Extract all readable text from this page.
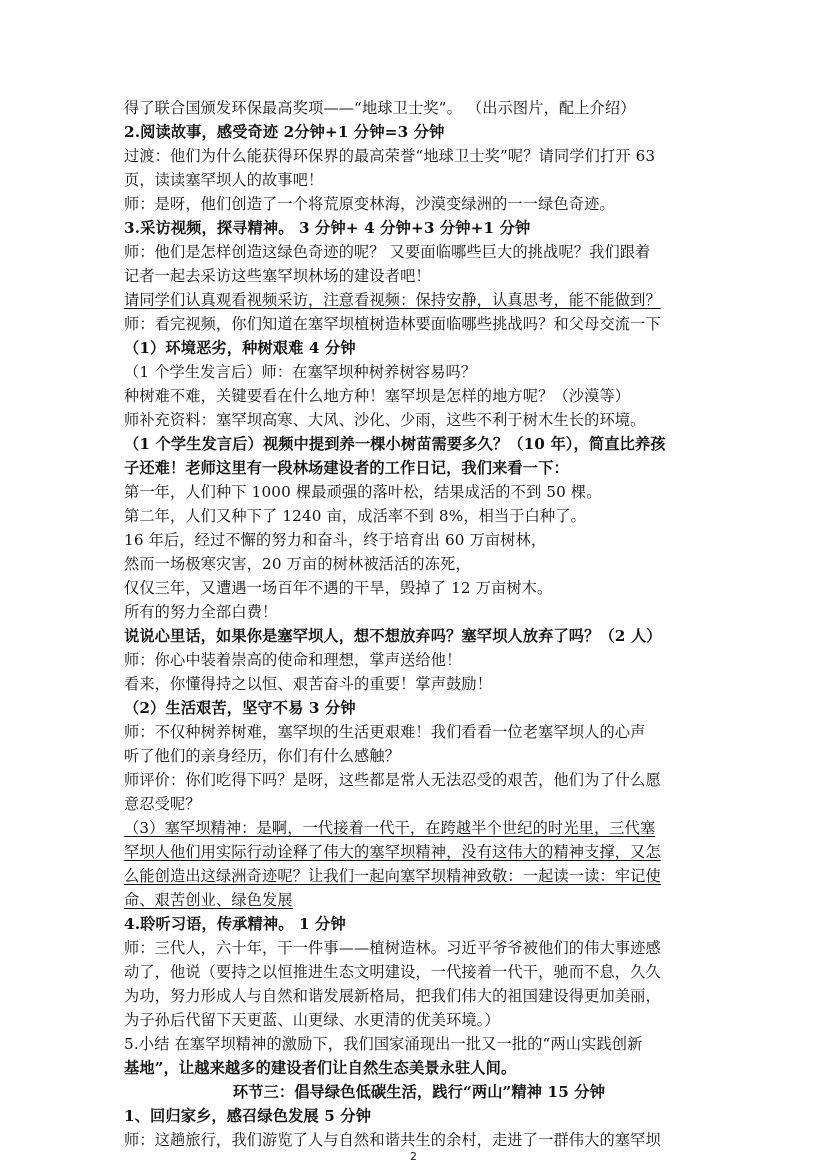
得了联合国颁发环保最高奖项——“地球卫士奖”。 （出示图片，配上介绍）
2.阅读故事，感受奇迹 2分钟+1 分钟=3 分钟
过渡：他们为什么能获得环保界的最高荣誉“地球卫士奖”呢？请同学们打开 63
页，读读塞罕坝人的故事吧！
师：是呀，他们创造了一个将荒原变林海，沙漠变绿洲的一一绿色奇迹。
3.采访视频，探寻精神。 3 分钟+ 4 分钟+3 分钟+1 分钟
师：他们是怎样创造这绿色奇迹的呢？ 又要面临哪些巨大的挑战呢？我们跟着
记者一起去采访这些塞罕坝林场的建设者吧！
请同学们认真观看视频采访，注意看视频：保持安静，认真思考，能不能做到？
师：看完视频，你们知道在塞罕坝植树造林要面临哪些挑战吗？和父母交流一下
（1）环境恶劣，种树艰难 4 分钟
（1 个学生发言后）师：在塞罕坝种树养树容易吗？
种树难不难，关键要看在什么地方种！塞罕坝是怎样的地方呢？（沙漠等）
师补充资料：塞罕坝高寒、大风、沙化、少雨，这些不利于树木生长的环境。
（1 个学生发言后）视频中提到养一棵小树苗需要多久？（10 年），简直比养孩
子还难！老师这里有一段林场建设者的工作日记，我们来看一下：
第一年，人们种下 1000 棵最顽强的落叶松，结果成活的不到 50 棵。
第二年，人们又种下了 1240 亩，成活率不到 8%，相当于白种了。
16 年后，经过不懈的努力和奋斗，终于培育出 60 万亩树林，
然而一场极寒灾害，20 万亩的树林被活活的冻死，
仅仅三年，又遭遇一场百年不遇的干旱，毁掉了 12 万亩树木。
所有的努力全部白费！
说说心里话，如果你是塞罕坝人，想不想放弃吗？塞罕坝人放弃了吗？（2 人）
师：你心中装着崇高的使命和理想，掌声送给他！
看来，你懂得持之以恒、艰苦奋斗的重要！掌声鼓励！
（2）生活艰苦，坚守不易 3 分钟
师：不仅种树养树难，塞罕坝的生活更艰难！我们看看一位老塞罕坝人的心声
听了他们的亲身经历，你们有什么感触？
师评价：你们吃得下吗？是呀，这些都是常人无法忍受的艰苦，他们为了什么愿
意忍受呢？
（3）塞罕坝精神：是啊，一代接着一代干，在跨越半个世纪的时光里，三代塞
罕坝人他们用实际行动诠释了伟大的塞罕坝精神，没有这伟大的精神支撑，又怎
么能创造出这绿洲奇迹呢？让我们一起向塞罕坝精神致敬：一起读一读：牢记使
命、艰苦创业、绿色发展
4.聆听习语，传承精神。 1 分钟
师：三代人，六十年，干一件事——植树造林。习近平爷爷被他们的伟大事迹感
动了，他说（要持之以恒推进生态文明建设，一代接着一代干，驰而不息，久久
为功，努力形成人与自然和谐发展新格局，把我们伟大的祖国建设得更加美丽，
为子孙后代留下天更蓝、山更绿、水更清的优美环境。）
5.小结 在塞罕坝精神的激励下，我们国家涌现出一批又一批的“两山实践创新
基地”，让越来越多的建设者们让自然生态美景永驻人间。
环节三：倡导绿色低碳生活，践行“两山”精神 15 分钟
1、回归家乡，感召绿色发展 5 分钟
师：这趟旅行，我们游览了人与自然和谐共生的余村，走进了一群伟大的塞罕坝
2
